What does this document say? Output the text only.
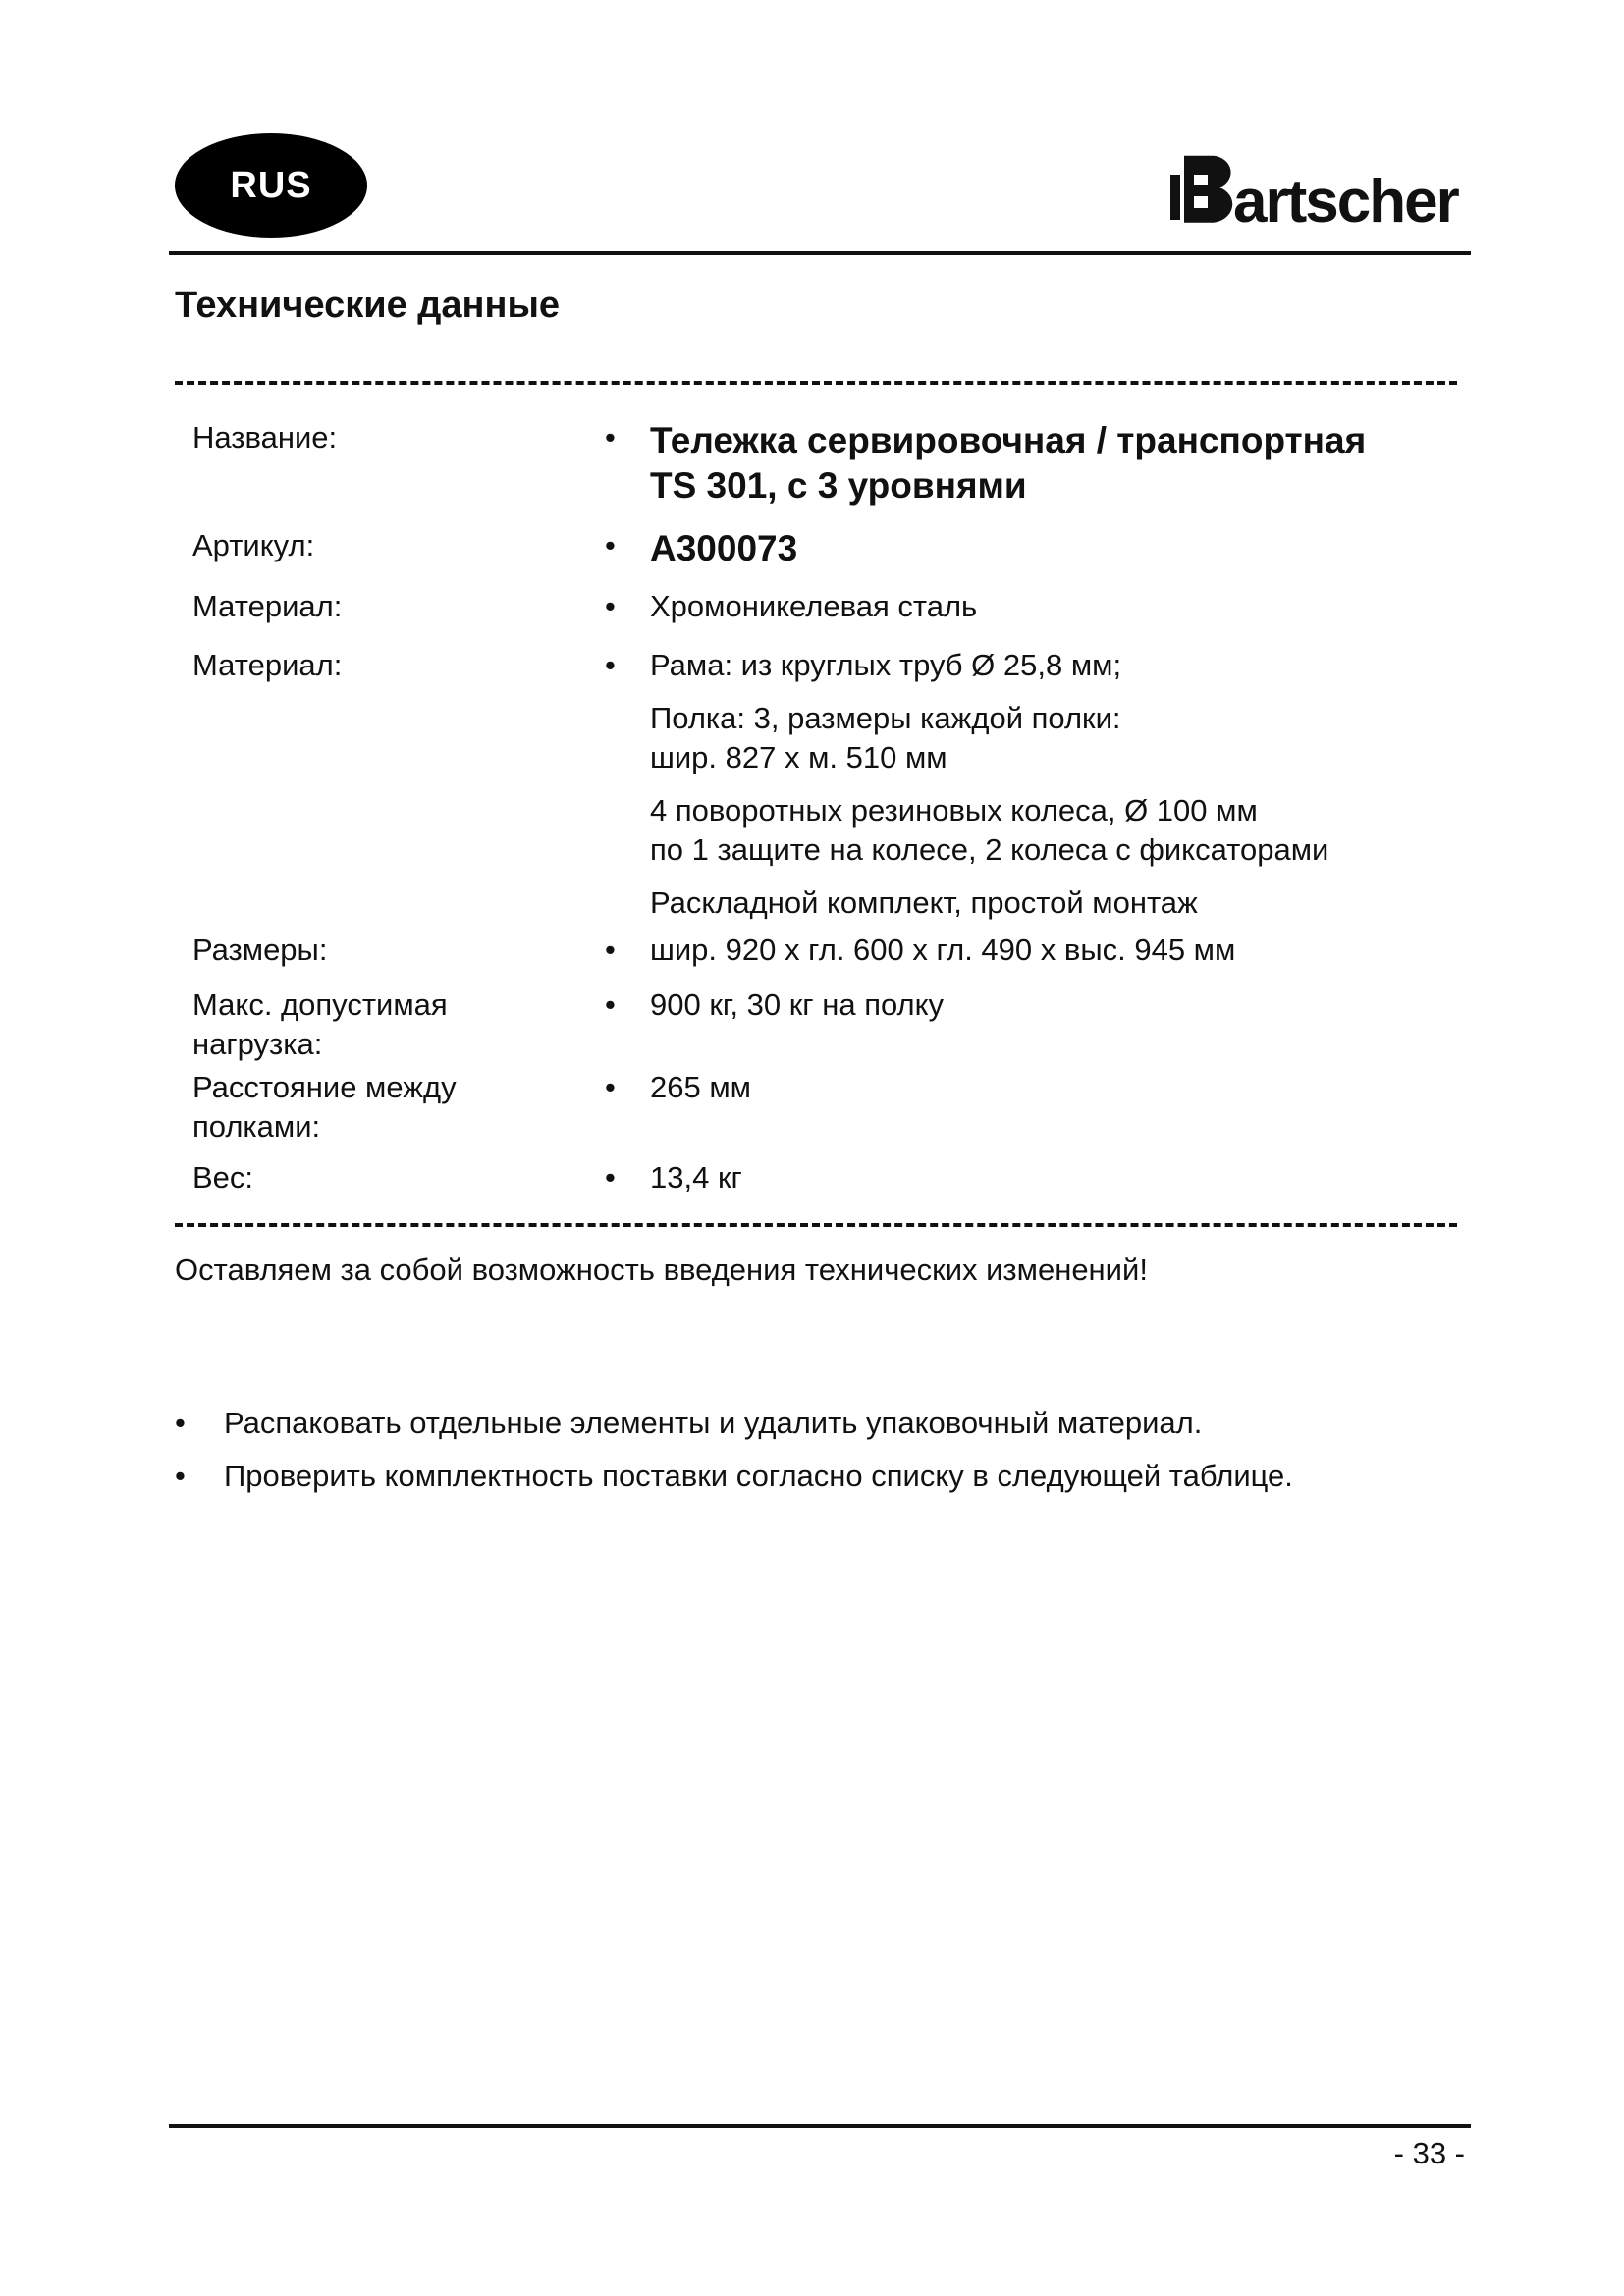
RUS	artscher
Технические данные
Название:	• Тележка сервировочная / транспортная
TS 301, с 3 уровнями
Артикул:	• A300073
Материал:	• Хромоникелевая сталь
Материал:	• Рама: из круглых труб Ø 25,8 мм;
Полка: 3, размеры каждой полки:
шир. 827 x м. 510 мм
4 поворотных резиновых колеса, Ø 100 мм
по 1 защите на колесе, 2 колеса с фиксаторами
Раскладной комплект, простой монтаж
Размеры:	• шир. 920 x гл. 600 x гл. 490 x выс. 945 мм
Макс. допустимая нагрузка:
• 900 кг, 30 кг на полку
Расстояние между полками:
• 265 мм
Вес:	• 13,4 кг
Оставляем за собой возможность введения технических изменений!
• Распаковать отдельные элементы и удалить упаковочный материал.
• Проверить комплектность поставки согласно списку в следующей таблице.
- 33 -
